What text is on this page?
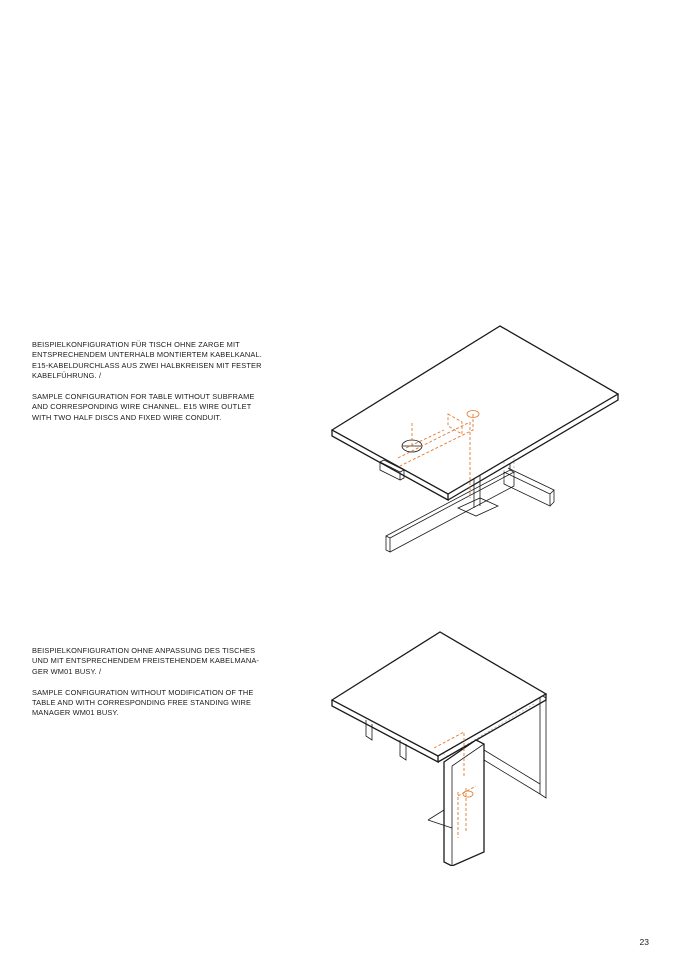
BEISPIELKONFIGURATION FÜR TISCH OHNE ZARGE MIT
ENTSPRECHENDEM UNTERHALB MONTIERTEM KABELKANAL.
E15-KABELDURCHLASS AUS ZWEI HALBKREISEN MIT FESTER
KABELFÜHRUNG. /

SAMPLE CONFIGURATION FOR TABLE WITHOUT SUBFRAME
AND CORRESPONDING WIRE CHANNEL. E15 WIRE OUTLET
WITH TWO HALF DISCS AND FIXED WIRE CONDUIT.

BEISPIELKONFIGURATION OHNE ANPASSUNG DES TISCHES
UND MIT ENTSPRECHENDEM FREISTEHENDEM KABELMANA-
GER WM01 BUSY. /

SAMPLE CONFIGURATION WITHOUT MODIFICATION OF THE
TABLE AND WITH CORRESPONDING FREE STANDING WIRE
MANAGER WM01 BUSY.

23
